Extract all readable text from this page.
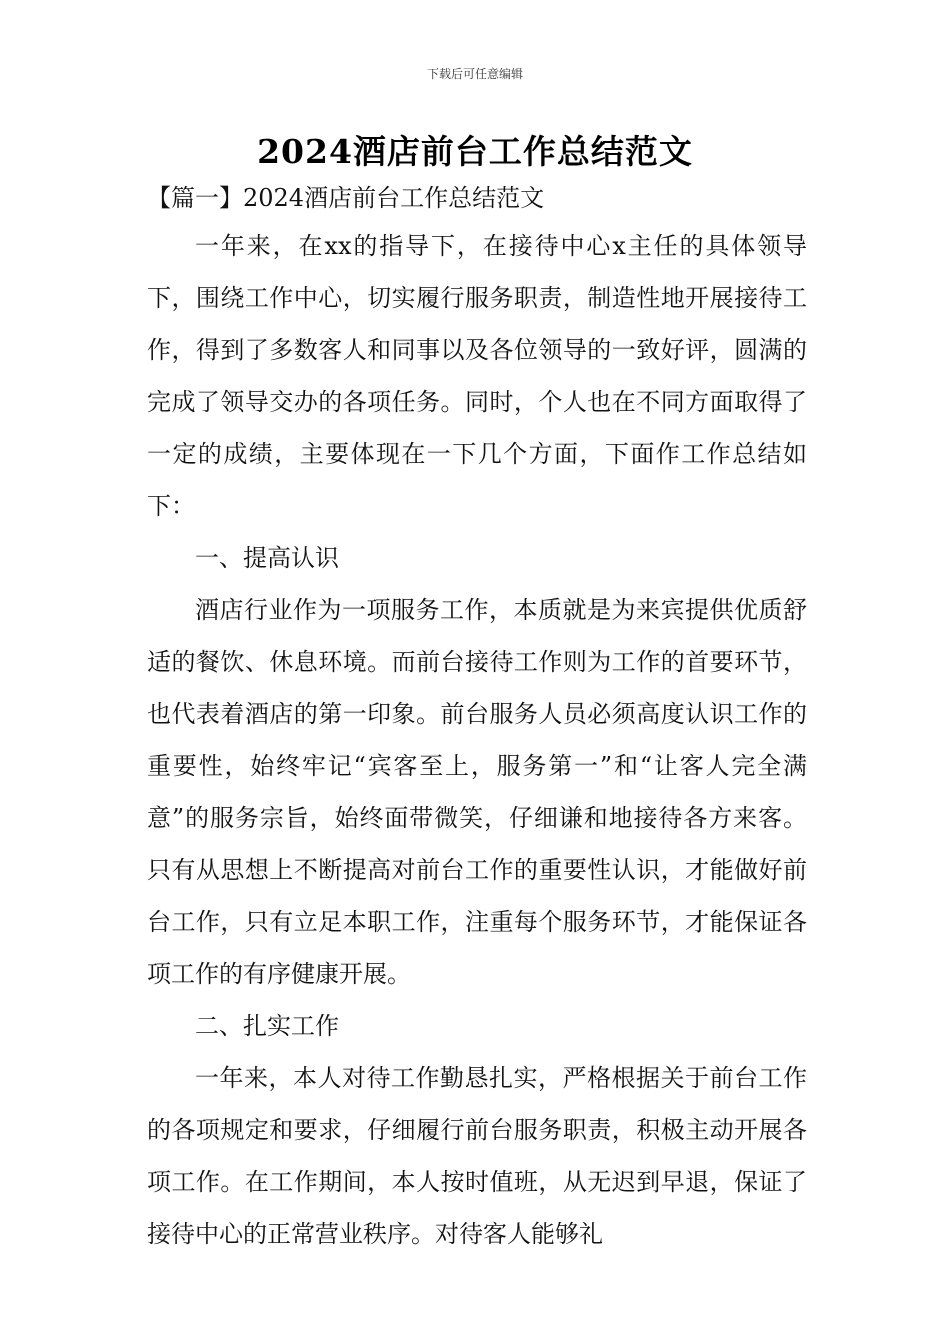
下载后可任意编辑
2024酒店前台工作总结范文
【篇一】2024酒店前台工作总结范文

一年来，在xx的指导下，在接待中心x主任的具体领导下，围绕工作中心，切实履行服务职责，制造性地开展接待工作，得到了多数客人和同事以及各位领导的一致好评，圆满的完成了领导交办的各项任务。同时，个人也在不同方面取得了一定的成绩，主要体现在一下几个方面，下面作工作总结如下：

一、提高认识

酒店行业作为一项服务工作，本质就是为来宾提供优质舒适的餐饮、休息环境。而前台接待工作则为工作的首要环节，也代表着酒店的第一印象。前台服务人员必须高度认识工作的重要性，始终牢记“宾客至上，服务第一”和“让客人完全满意”的服务宗旨，始终面带微笑，仔细谦和地接待各方来客。只有从思想上不断提高对前台工作的重要性认识，才能做好前台工作，只有立足本职工作，注重每个服务环节，才能保证各项工作的有序健康开展。

二、扎实工作

一年来，本人对待工作勤恳扎实，严格根据关于前台工作的各项规定和要求，仔细履行前台服务职责，积极主动开展各项工作。在工作期间，本人按时值班，从无迟到早退，保证了接待中心的正常营业秩序。对待客人能够礼
